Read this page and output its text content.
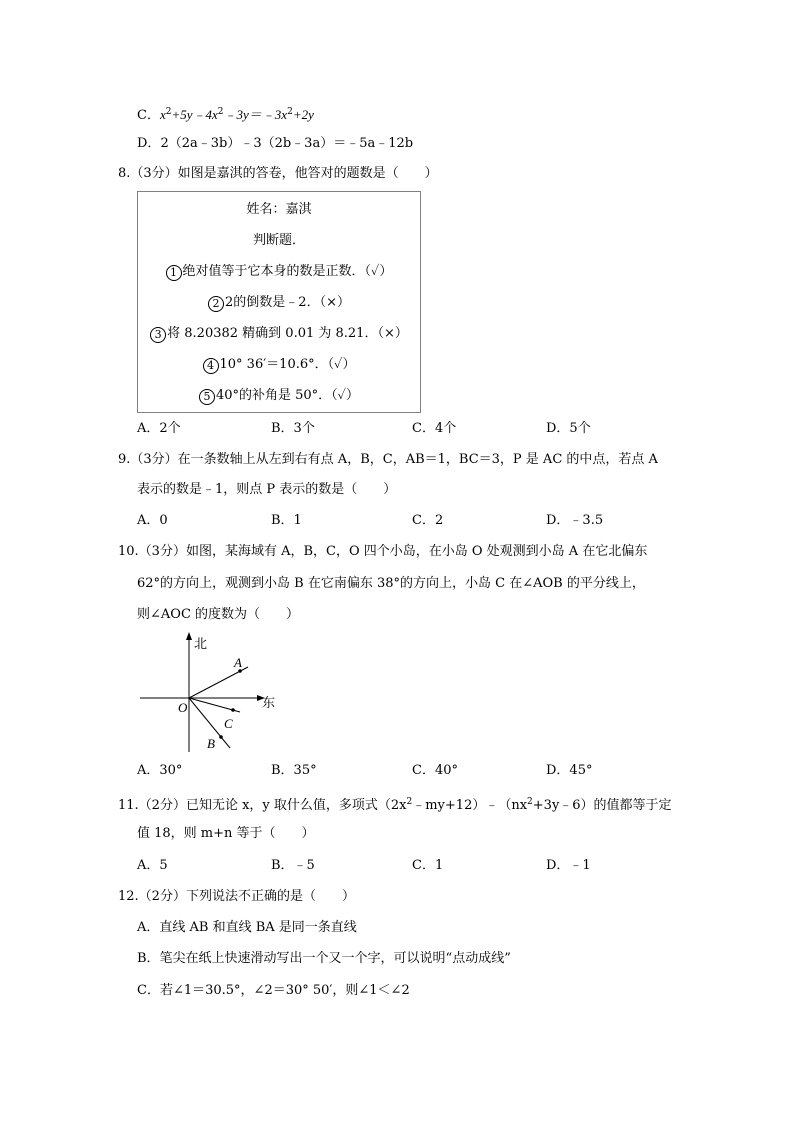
C．$x^2+5y﹣4x^2﹣3y=﹣3x^2+2y$
D．2（2a﹣3b）﹣3（2b﹣3a）＝﹣5a﹣12b
8.（3分）如图是嘉淇的答卷，他答对的题数是（　　）
姓名：嘉淇
判断题．
1 绝对值等于它本身的数是正数．（✓）
2 2的倒数是﹣2．（×）
3 将 8.20382 精确到 0.01 为 8.21．（×）
4 10° 36′＝10.6°．（✓）
5 40°的补角是 50°．（✓）
A．2个	B．3个	C．4个	D．5个
9.（3分）在一条数轴上从左到右有点 A，B，C，AB＝1，BC＝3，P 是 AC 的中点，若点 A
表示的数是﹣1，则点 P 表示的数是（　　）
A．0	B．1	C．2	D．﹣3.5
10.（3分）如图，某海域有 A，B，C，O 四个小岛，在小岛 O 处观测到小岛 A 在它北偏东
62°的方向上，观测到小岛 B 在它南偏东 38°的方向上，小岛 C 在∠AOB 的平分线上，
则∠AOC 的度数为（　　）
北
东
O
A
C
B
A．30°	B．35°	C．40°	D．45°
11.（2分）已知无论 x，y 取什么值，多项式$(2x^2﹣my+12)﹣(nx^2+3y﹣6)$的值都等于定
值 18，则 m+n 等于（　　）
A．5	B．﹣5	C．1	D．﹣1
12.（2分）下列说法不正确的是（　　）
A．直线 AB 和直线 BA 是同一条直线
B．笔尖在纸上快速滑动写出一个又一个字，可以说明“点动成线”
C．若∠1＝30.5°，∠2＝30° 50′，则∠1＜∠2
